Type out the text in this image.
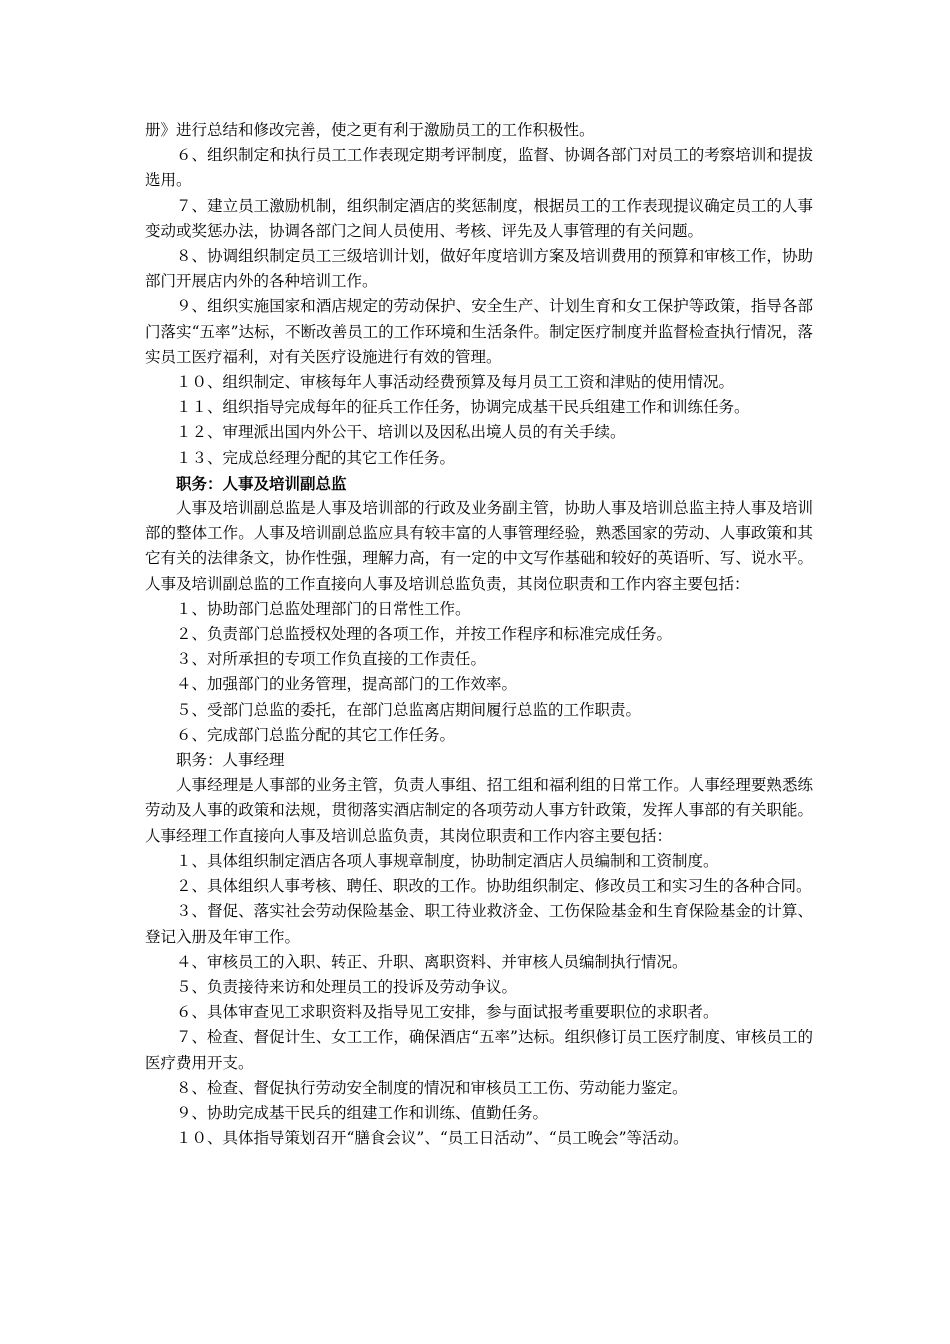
册》进行总结和修改完善，使之更有利于激励员工的工作积极性。

６、组织制定和执行员工工作表现定期考评制度，监督、协调各部门对员工的考察培训和提拔选用。

７、建立员工激励机制，组织制定酒店的奖惩制度，根据员工的工作表现提议确定员工的人事变动或奖惩办法，协调各部门之间人员使用、考核、评先及人事管理的有关问题。

８、协调组织制定员工三级培训计划，做好年度培训方案及培训费用的预算和审核工作，协助部门开展店内外的各种培训工作。

９、组织实施国家和酒店规定的劳动保护、安全生产、计划生育和女工保护等政策，指导各部门落实“五率”达标，不断改善员工的工作环境和生活条件。制定医疗制度并监督检查执行情况，落实员工医疗福利，对有关医疗设施进行有效的管理。

１０、组织制定、审核每年人事活动经费预算及每月员工工资和津贴的使用情况。

１１、组织指导完成每年的征兵工作任务，协调完成基干民兵组建工作和训练任务。

１２、审理派出国内外公干、培训以及因私出境人员的有关手续。

１３、完成总经理分配的其它工作任务。

职务：人事及培训副总监

人事及培训副总监是人事及培训部的行政及业务副主管，协助人事及培训总监主持人事及培训部的整体工作。人事及培训副总监应具有较丰富的人事管理经验，熟悉国家的劳动、人事政策和其它有关的法律条文，协作性强，理解力高，有一定的中文写作基础和较好的英语听、写、说水平。人事及培训副总监的工作直接向人事及培训总监负责，其岗位职责和工作内容主要包括：

１、协助部门总监处理部门的日常性工作。

２、负责部门总监授权处理的各项工作，并按工作程序和标准完成任务。

３、对所承担的专项工作负直接的工作责任。

４、加强部门的业务管理，提高部门的工作效率。

５、受部门总监的委托，在部门总监离店期间履行总监的工作职责。

６、完成部门总监分配的其它工作任务。

职务：人事经理

人事经理是人事部的业务主管，负责人事组、招工组和福利组的日常工作。人事经理要熟悉练劳动及人事的政策和法规，贯彻落实酒店制定的各项劳动人事方针政策，发挥人事部的有关职能。人事经理工作直接向人事及培训总监负责，其岗位职责和工作内容主要包括：

１、具体组织制定酒店各项人事规章制度，协助制定酒店人员编制和工资制度。

２、具体组织人事考核、聘任、职改的工作。协助组织制定、修改员工和实习生的各种合同。

３、督促、落实社会劳动保险基金、职工待业救济金、工伤保险基金和生育保险基金的计算、登记入册及年审工作。

４、审核员工的入职、转正、升职、离职资料、并审核人员编制执行情况。

５、负责接待来访和处理员工的投诉及劳动争议。

６、具体审查见工求职资料及指导见工安排，参与面试报考重要职位的求职者。

７、检查、督促计生、女工工作，确保酒店“五率”达标。组织修订员工医疗制度、审核员工的医疗费用开支。

８、检查、督促执行劳动安全制度的情况和审核员工工伤、劳动能力鉴定。

９、协助完成基干民兵的组建工作和训练、值勤任务。

１０、具体指导策划召开“膳食会议”、“员工日活动”、“员工晚会”等活动。
